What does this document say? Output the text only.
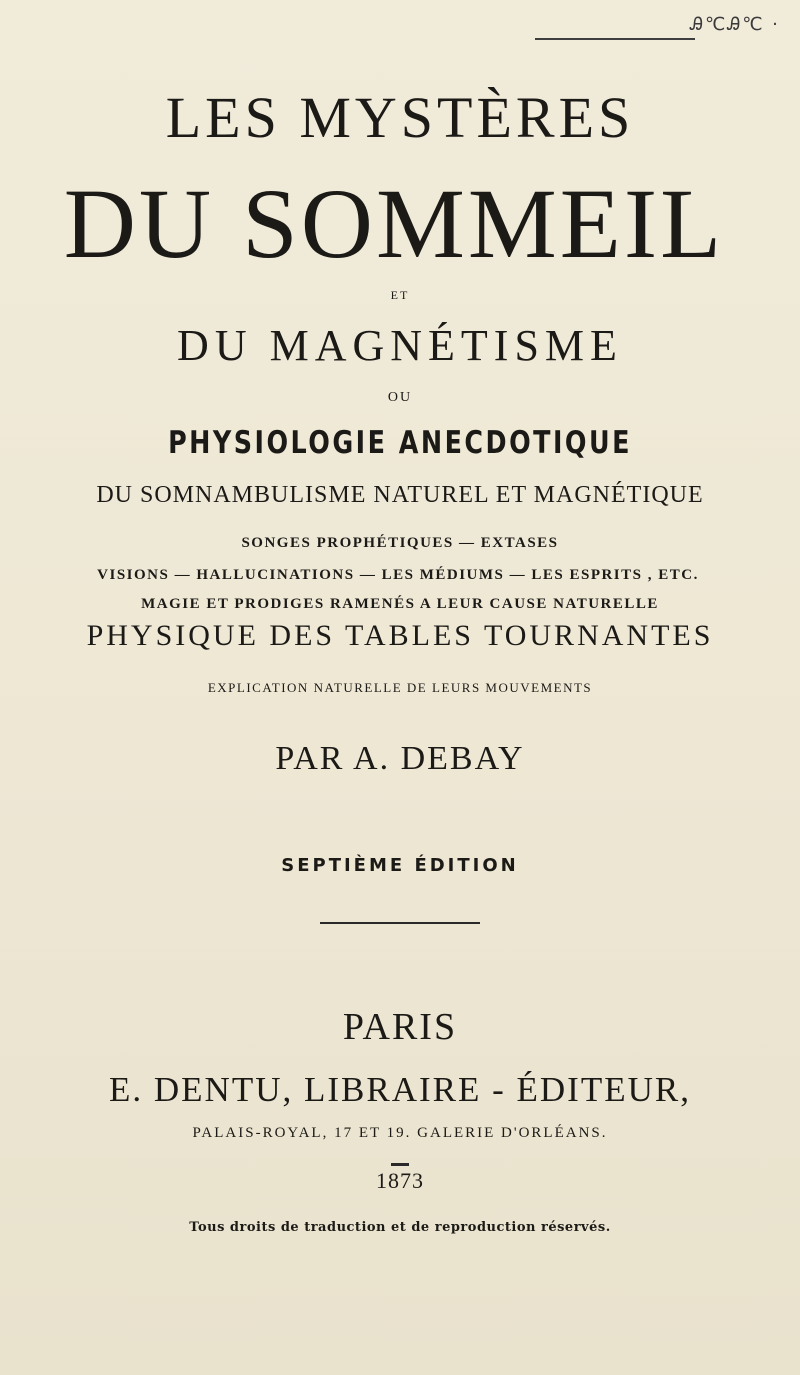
Ꭿ℃Ꭿ℃ ·
LES MYSTÈRES
DU SOMMEIL
ET
DU MAGNÉTISME
OU
PHYSIOLOGIE ANECDOTIQUE
DU SOMNAMBULISME NATUREL ET MAGNÉTIQUE
SONGES PROPHÉTIQUES — EXTASES
VISIONS — HALLUCINATIONS — LES MÉDIUMS — LES ESPRITS , ETC.
MAGIE ET PRODIGES RAMENÉS A LEUR CAUSE NATURELLE
PHYSIQUE DES TABLES TOURNANTES
EXPLICATION NATURELLE DE LEURS MOUVEMENTS
PAR A. DEBAY
SEPTIÈME ÉDITION
PARIS
E. DENTU, LIBRAIRE - ÉDITEUR,
PALAIS-ROYAL, 17 ET 19. GALERIE D'ORLÉANS.
1873
Tous droits de traduction et de reproduction réservés.
